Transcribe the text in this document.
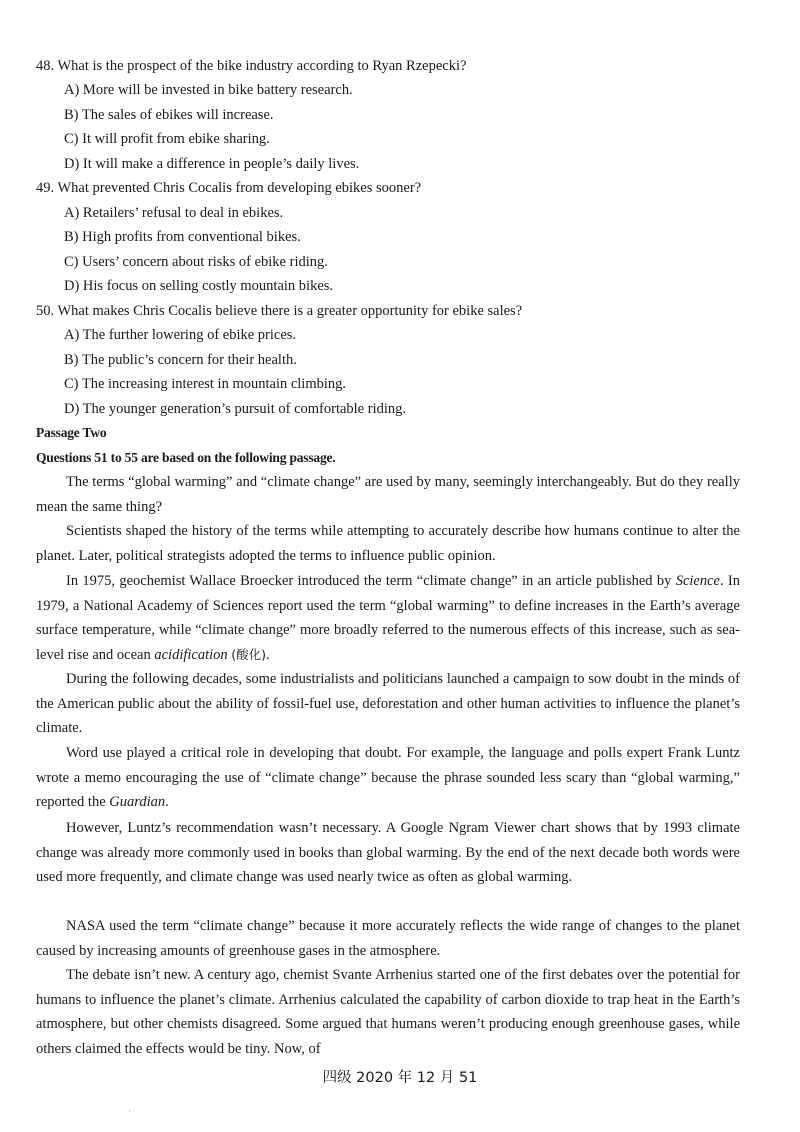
48. What is the prospect of the bike industry according to Ryan Rzepecki?
A) More will be invested in bike battery research.
B) The sales of ebikes will increase.
C) It will profit from ebike sharing.
D) It will make a difference in people’s daily lives.
49. What prevented Chris Cocalis from developing ebikes sooner?
A) Retailers’ refusal to deal in ebikes.
B) High profits from conventional bikes.
C) Users’ concern about risks of ebike riding.
D) His focus on selling costly mountain bikes.
50. What makes Chris Cocalis believe there is a greater opportunity for ebike sales?
A) The further lowering of ebike prices.
B) The public’s concern for their health.
C) The increasing interest in mountain climbing.
D) The younger generation’s pursuit of comfortable riding.
Passage Two
Questions 51 to 55 are based on the following passage.

The terms “global warming” and “climate change” are used by many, seemingly interchangeably. But do they really mean the same thing?

Scientists shaped the history of the terms while attempting to accurately describe how humans continue to alter the planet. Later, political strategists adopted the terms to influence public opinion.

In 1975, geochemist Wallace Broecker introduced the term “climate change” in an article published by Science. In 1979, a National Academy of Sciences report used the term “global warming” to define increases in the Earth’s average surface temperature, while “climate change” more broadly referred to the numerous effects of this increase, such as sea-level rise and ocean acidification (酸化).

During the following decades, some industrialists and politicians launched a campaign to sow doubt in the minds of the American public about the ability of fossil-fuel use, deforestation and other human activities to influence the planet’s climate.

Word use played a critical role in developing that doubt. For example, the language and polls expert Frank Luntz wrote a memo encouraging the use of “climate change” because the phrase sounded less scary than “global warming,” reported the Guardian.

However, Luntz’s recommendation wasn’t necessary. A Google Ngram Viewer chart shows that by 1993 climate change was already more commonly used in books than global warming. By the end of the next decade both words were used more frequently, and climate change was used nearly twice as often as global warming.

NASA used the term “climate change” because it more accurately reflects the wide range of changes to the planet caused by increasing amounts of greenhouse gases in the atmosphere.

The debate isn’t new. A century ago, chemist Svante Arrhenius started one of the first debates over the potential for humans to influence the planet’s climate. Arrhenius calculated the capability of carbon dioxide to trap heat in the Earth’s atmosphere, but other chemists disagreed. Some argued that humans weren’t producing enough greenhouse gases, while others claimed the effects would be tiny. Now, of

四级 2020 年 12 月 51
ˌ
